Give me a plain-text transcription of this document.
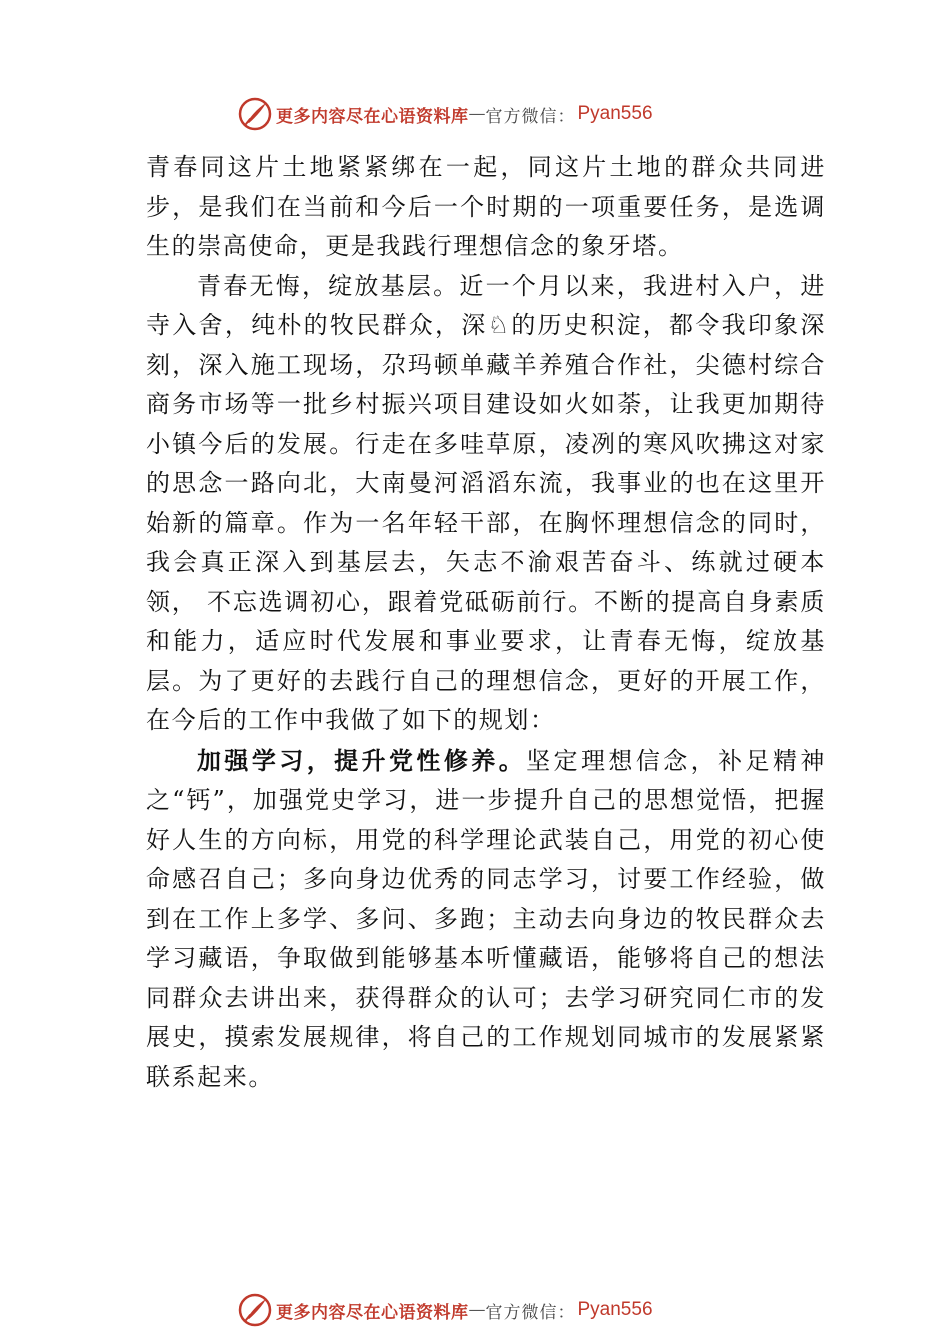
更多内容尽在心语资料库 — 官方微信： Pyan556

青春同这片土地紧紧绑在一起，同这片土地的群众共同进步，是我们在当前和今后一个时期的一项重要任务，是选调生的崇高使命，更是我践行理想信念的象牙塔。

青春无悔，绽放基层。近一个月以来，我进村入户，进寺入舍，纯朴的牧民群众，深♘的历史积淀，都令我印象深刻，深入施工现场，尕玛顿单藏羊养殖合作社，尖德村综合商务市场等一批乡村振兴项目建设如火如荼，让我更加期待小镇今后的发展。行走在多哇草原，凌冽的寒风吹拂这对家的思念一路向北，大南曼河滔滔东流，我事业的也在这里开始新的篇章。作为一名年轻干部，在胸怀理想信念的同时， 我会真正深入到基层去，矢志不渝艰苦奋斗、练就过硬本领， 不忘选调初心，跟着党砥砺前行。不断的提高自身素质和能力，适应时代发展和事业要求，让青春无悔，绽放基层。为了更好的去践行自己的理想信念，更好的开展工作，在今后的工作中我做了如下的规划：

加强学习，提升党性修养。坚定理想信念，补足精神之“钙”，加强党史学习，进一步提升自己的思想觉悟，把握好人生的方向标，用党的科学理论武装自己，用党的初心使命感召自己；多向身边优秀的同志学习，讨要工作经验，做到在工作上多学、多问、多跑；主动去向身边的牧民群众去学习藏语，争取做到能够基本听懂藏语，能够将自己的想法同群众去讲出来，获得群众的认可；去学习研究同仁市的发展史，摸索发展规律，将自己的工作规划同城市的发展紧紧联系起来。

更多内容尽在心语资料库 — 官方微信： Pyan556
